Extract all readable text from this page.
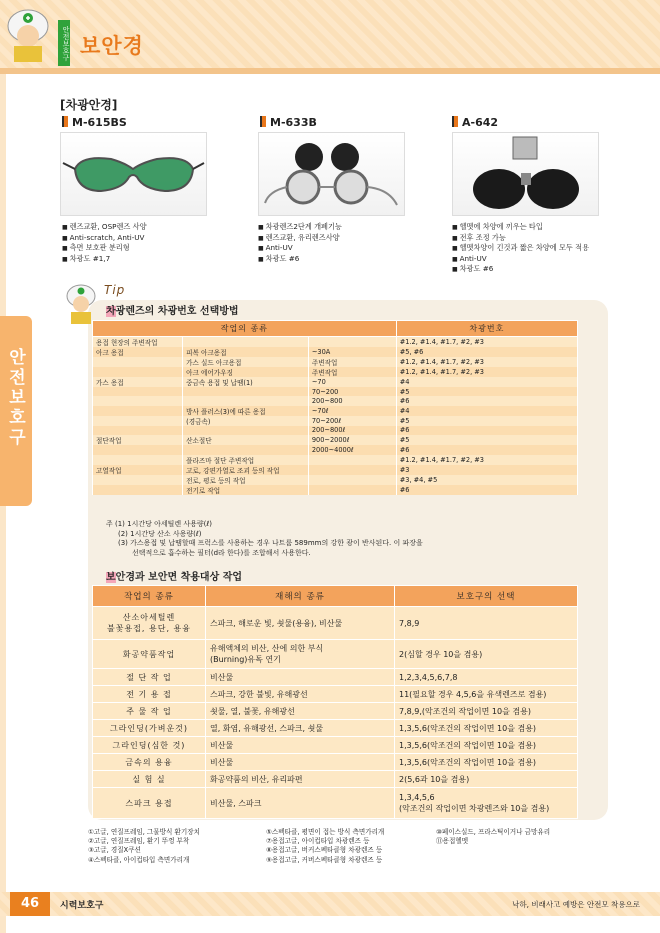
안전보호구 보안경
안전보호구
[차광안경]
M-615BS	M-633B	A-642
■ 렌즈교환, OSP렌즈 사양
■ Anti-scratch, Anti-UV
■ 측면 보호판 분리형
■ 차광도 #1,7
■ 차광렌즈2단계 개폐기능
■ 렌즈교환, 유리렌즈사양
■ Anti-UV
■ 차광도 #6
■ 헬멧에 차양에 끼우는 타입
■ 전후 조정 가능
■ 헬멧차양이 긴것과 짧은 차양에 모두 적용
■ Anti-UV
■ 차광도 #6
Tip
차광렌즈의 차광번호 선택방법
작업의 종류			차광번호
용접 현장의 주변작업			#1.2, #1.4, #1.7, #2, #3
아크 용접	피복 아크용접	~30A	#5, #6
	가스 실드 아크용접	주변작업	#1.2, #1.4, #1.7, #2, #3
	아크 에어가우징	주변작업	#1.2, #1.4, #1.7, #2, #3
가스 용접	중금속 용접 및 납땜(1)	~70	#4
		70~200	#5
		200~800	#6
	방사 플러스(3)에 따른 용접	~70ℓ	#4
	(경금속)	70~200ℓ	#5
		200~800ℓ	#6
절단작업	산소절단	900~2000ℓ	#5
		2000~4000ℓ	#6
	플라즈마 절단 주변작업		#1.2, #1.4, #1.7, #2, #3
고열작업	고로, 강편가열로 조괴 등의 작업		#3
	전로, 평로 등의 작업		#3, #4, #5
	전기로 작업		#6
주 (1) 1시간당 아세틸렌 사용량(ℓ)
(2) 1시간당 산소 사용량(ℓ)
(3) 가스용접 및 납땜할때 프럭스를 사용하는 경우 나트륨 589mm의 강한 광이 반사된다. 이 파장을
선택적으로 흡수하는 필터(d라 한다)를 조합해서 사용한다.
보안경과 보안면 착용대상 작업
작업의 종류	재해의 종류	보호구의 선택

산소아세틸렌
불꽃용접, 용단, 용융	스파크, 해로운 빛, 쇳물(용융), 비산물	7,8,9

화공약품작업	유해액체의 비산, 산에 의한 부식
(Burning)유독 연기	2(심할 경우 10을 겸용)

절 단 작 업	비산물	1,2,3,4,5,6,7,8

전 기 용 접	스파크, 강한 불빛, 유해광선	11(필요할 경우 4,5,6을 유색렌즈로 겸용)

주 물 작 업	쇳물, 열, 불꽃, 유해광선	7,8,9,(악조건의 작업이면 10을 겸용)

그라인딩(가벼운것)	열, 화염, 유해광선, 스파크, 쇳물	1,3,5,6(악조건의 작업이면 10을 겸용)

그라인딩(심한 것)	비산물	1,3,5,6(악조건의 작업이면 10을 겸용)

금속의 용융	비산물	1,3,5,6(악조건의 작업이면 10을 겸용)

실 험 실	화공약품의 비산, 유리파편	2(5,6과 10을 겸용)

스파크 용접	비산물, 스파크	1,3,4,5,6
(악조건의 작업이면 차광렌즈와 10을 겸용)
①고글, 연질프레임, 그물방식 환기장치
②고글, 연질프레임, 환기 뚜껑 부착
③고글, 경질X쿠션
④스펙타클, 아이컵타입 측면가리개
⑤스펙타클, 평면이 접는 방식 측면가리개
⑦용접고글, 아이컵타입 차광렌즈 등
⑧용접고글, 버커스펙타클형 차광렌즈 등
⑨용접고글, 커버스펙타클형 차광렌즈 등
⑩페이스실드, 프라스틱이거나 금망유리
⑪용접헬멧
46	시력보호구	낙하, 비래사고 예방은 안전모 착용으로
